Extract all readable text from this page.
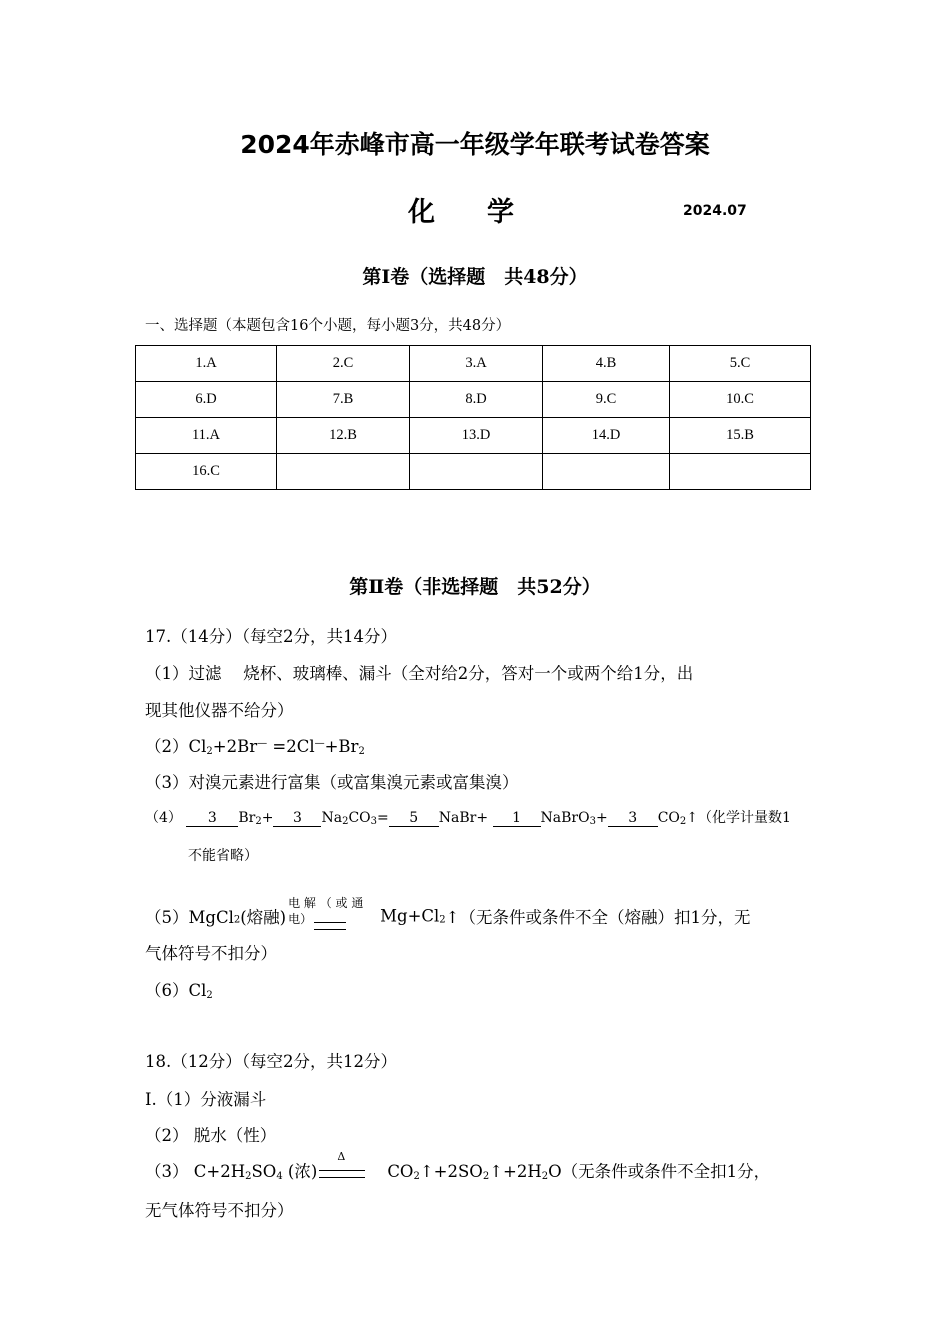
2024年赤峰市高一年级学年联考试卷答案
化学	2024.07
第Ⅰ卷（选择题　共48分）
一、选择题（本题包含16个小题，每小题3分，共48分）
1.A	2.C	3.A	4.B	5.C
6.D	7.B	8.D	9.C	10.C
11.A	12.B	13.D	14.D	15.B
16.C				
第Ⅱ卷（非选择题　共52分）
17.（14分）（每空2分，共14分）
（1）过滤　 烧杯、玻璃棒、漏斗（全对给2分，答对一个或两个给1分，出
现其他仪器不给分）
$(2)Cl_2+2Br^— =2Cl^—+Br_2$
（3）对溴元素进行富集（或富集溴元素或富集溴）
（4） 3 $Br_2+ 3$ $Na_2CO_3= 5$ NaBr+ 1 NaBrO$_3$+ 3 $CO_2↑$（化学计量数1
不能省略）
（5）MgCl$_2$(熔融)
电 解 （ 或 通
电）	$Mg+Cl_2↑$（无条件或条件不全（熔融）扣1分，无
气体符号不扣分）
$(6)Cl_2$
18.（12分）（每空2分，共12分）
I.（1）分液漏斗
（2） 脱水（性）
（3） $C+2H_2SO_4$ (浓)
Δ
$CO_2↑+2SO_2↑+2H_2O$（无条件或条件不全扣1分，
无气体符号不扣分）
